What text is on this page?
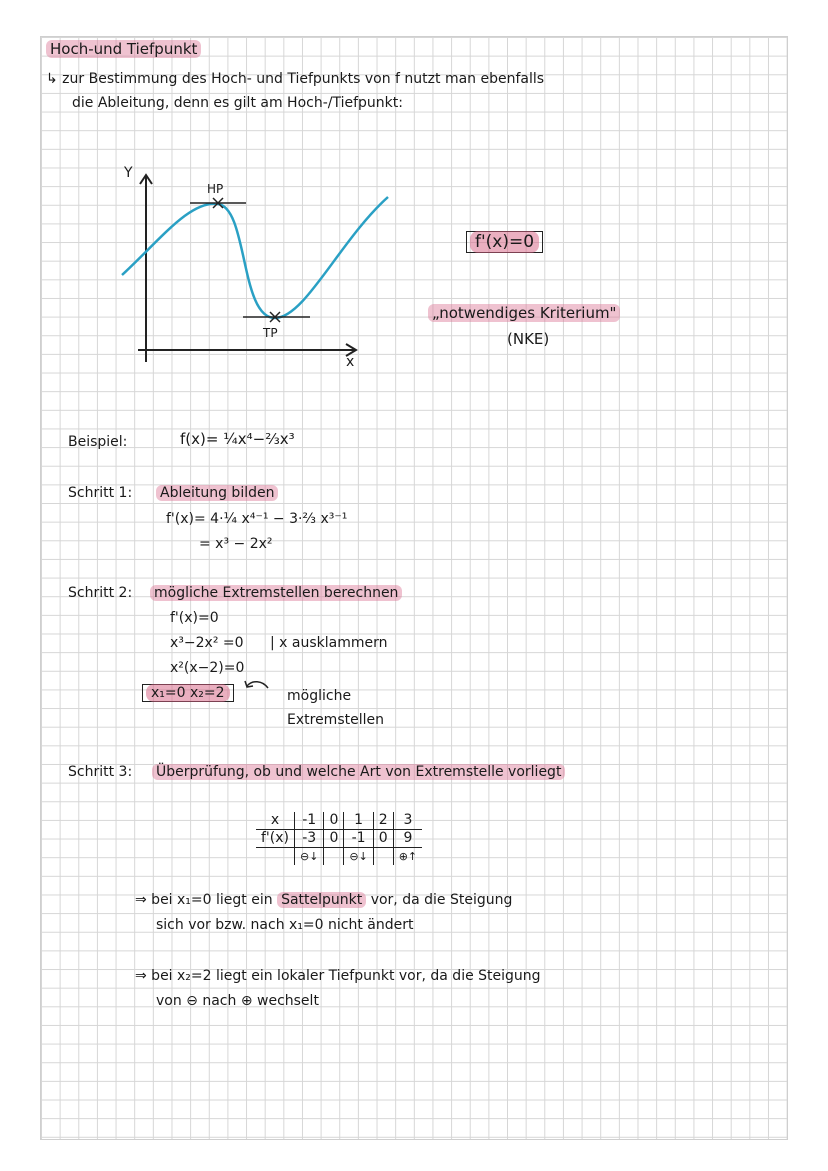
Hoch-und Tiefpunkt
↳ zur Bestimmung des Hoch- und Tiefpunkts von f nutzt man ebenfalls
die Ableitung, denn es gilt am Hoch-/Tiefpunkt:
Y
x
HP
TP
f'(x)=0
„notwendiges Kriterium"
(NKE)
Beispiel:	f(x)= ¼x⁴−⅔x³
Schritt 1: Ableitung bilden
f'(x)= 4·¼ x⁴⁻¹ − 3·⅔ x³⁻¹
= x³ − 2x²
Schritt 2: mögliche Extremstellen berechnen
f'(x)=0
x³−2x² =0 | x ausklammern
x²(x−2)=0
x₁=0 x₂=2	mögliche
Extremstellen
Schritt 3: Überprüfung, ob und welche Art von Extremstelle vorliegt
x	-1	0	1	2	3
f'(x)	-3	0	-1	0	9
	⊖↓		⊖↓		⊕↑
⇒ bei x₁=0 liegt ein Sattelpunkt vor, da die Steigung
sich vor bzw. nach x₁=0 nicht ändert
⇒ bei x₂=2 liegt ein lokaler Tiefpunkt vor, da die Steigung
von ⊖ nach ⊕ wechselt
